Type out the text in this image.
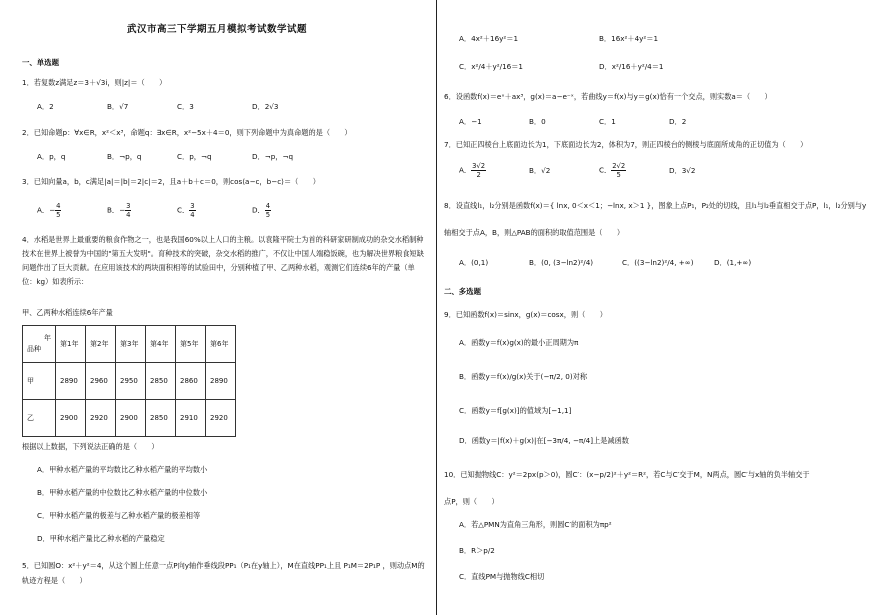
武汉市高三下学期五月模拟考试数学试题
一、单选题
1．若复数z满足z＝3＋√3i，则|z|＝（　　）
A．2	B．√7	C．3	D．2√3
2．已知命题p：∀x∈R，x²＜x³，命题q：∃x∈R，x²−5x＋4＝0，则下列命题中为真命题的是（　　）
A．p，q	B．¬p，q	C．p，¬q	D．¬p，¬q
3．已知向量a，b，c满足|a|＝|b|＝2|c|＝2，且a＋b＋c＝0，则cos⟨a−c，b−c⟩＝（　　）
A．− $\frac{4}{5}$	B．− $\frac{3}{4}$	C． $\frac{3}{4}$	D． $\frac{4}{5}$
4．水稻是世界上最重要的粮食作物之一，也是我国60%以上人口的主粮。以袁隆平院士为首的科研家研制成功的杂交水稻制种技术在世界上被誉为中国的"第五大发明"。育种技术的突破，杂交水稻的推广，不仅让中国人端稳饭碗，也为解决世界粮食短缺问题作出了巨大贡献。在应用该技术的两块面积相等的试验田中，分别种植了甲、乙两种水稻，观测它们连续6年的产量（单位：kg）如表所示：
甲、乙两种水稻连续6年产量
年
品种	第1年	第2年	第3年	第4年	第5年	第6年
甲	2890	2960	2950	2850	2860	2890
乙	2900	2920	2900	2850	2910	2920
根据以上数据，下列说法正确的是（　　）
A．甲种水稻产量的平均数比乙种水稻产量的平均数小
B．甲种水稻产量的中位数比乙种水稻产量的中位数小
C．甲种水稻产量的极差与乙种水稻产量的极差相等
D．甲种水稻产量比乙种水稻的产量稳定
5．已知圆O：x²＋y²＝4，从这个圆上任意一点P向y轴作垂线段PP₁（P₁在y轴上），M在直线PP₁上且 P₁M＝2P₁P ，则动点M的轨迹方程是（　　）
A．4x²＋16y²＝1	B．16x²＋4y²＝1
C．x²/4＋y²/16＝1	D．x²/16＋y²/4＝1
6．设函数f(x)＝eˣ＋ax³，g(x)＝a−e⁻ˣ，若曲线y＝f(x)与y＝g(x)恰有一个交点，则实数a＝（　　）
A．−1	B．0	C．1	D．2
7．已知正四棱台上底面边长为1，下底面边长为2，体积为7，则正四棱台的侧棱与底面所成角的正切值为（　　）
A． $\frac{3√2}{2}$	B．√2	C． $\frac{2√2}{5}$	D．3√2
8．设直线l₁，l₂分别是函数f(x)＝{ lnx, 0＜x＜1；−lnx, x＞1 }，图象上点P₁，P₂处的切线，且l₁与l₂垂直相交于点P，l₁，l₂分别与y
轴相交于点A，B，则△PAB的面积的取值范围是（　　）
A．(0,1)	B．(0, (3−ln2)²/4)	C．((3−ln2)²/4, +∞)	D．(1,+∞)
二、多选题
9．已知函数f(x)＝sinx，g(x)＝cosx，则（　　）
A．函数y＝f(x)g(x)的最小正周期为π
B．函数y＝f(x)/g(x)关于(−π/2, 0)对称
C．函数y＝f[g(x)]的值域为[−1,1]
D．函数y＝|f(x)＋g(x)|在[−3π/4, −π/4]上是减函数
10．已知抛物线C：y²＝2px(p＞0)，圆C′：(x−p/2)²＋y²＝R²，若C与C′交于M，N两点，圆C′与x轴的负半轴交于
点P，则（　　）
A．若△PMN为直角三角形，则圆C′的面积为πp²
B．R＞p/2
C．直线PM与抛物线C相切
